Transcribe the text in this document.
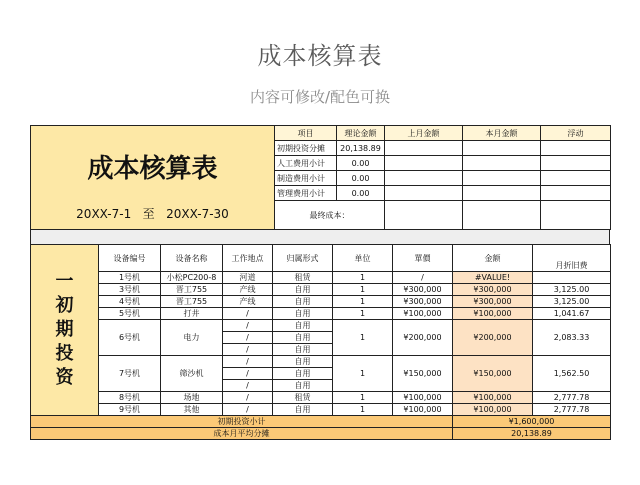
成本核算表
内容可修改/配色可换
成本核算表
20XX-7-1 至 20XX-7-30	项目	理论金额	上月金额	本月金额	浮动
	初期投资分摊	20,138.89			
	人工费用小计	0.00			
	制造费用小计	0.00			
	管理费用小计	0.00			
	最终成本：				
一
初
期
投
资	设备编号	设备名称	工作地点	归属形式	单位	單價	金额	月折旧费
	1号机	小松PC200-8	河道	租赁	1	/	#VALUE!	
	3号机	晋工755	产线	自用	1	¥300,000	¥300,000	3,125.00
	4号机	晋工755	产线	自用	1	¥300,000	¥300,000	3,125.00
	5号机	打井	/	自用	1	¥100,000	¥100,000	1,041.67
	6号机	电力	/	自用	1	¥200,000	¥200,000	2,083.33
			/	自用				
			/	自用				
	7号机	筛沙机	/	自用	1	¥150,000	¥150,000	1,562.50
			/	自用				
			/	自用				
	8号机	场地	/	租赁	1	¥100,000	¥100,000	2,777.78
	9号机	其他	/	自用	1	¥100,000	¥100,000	2,777.78
初期投资小计							¥1,600,000	
成本月平均分摊							20,138.89	
